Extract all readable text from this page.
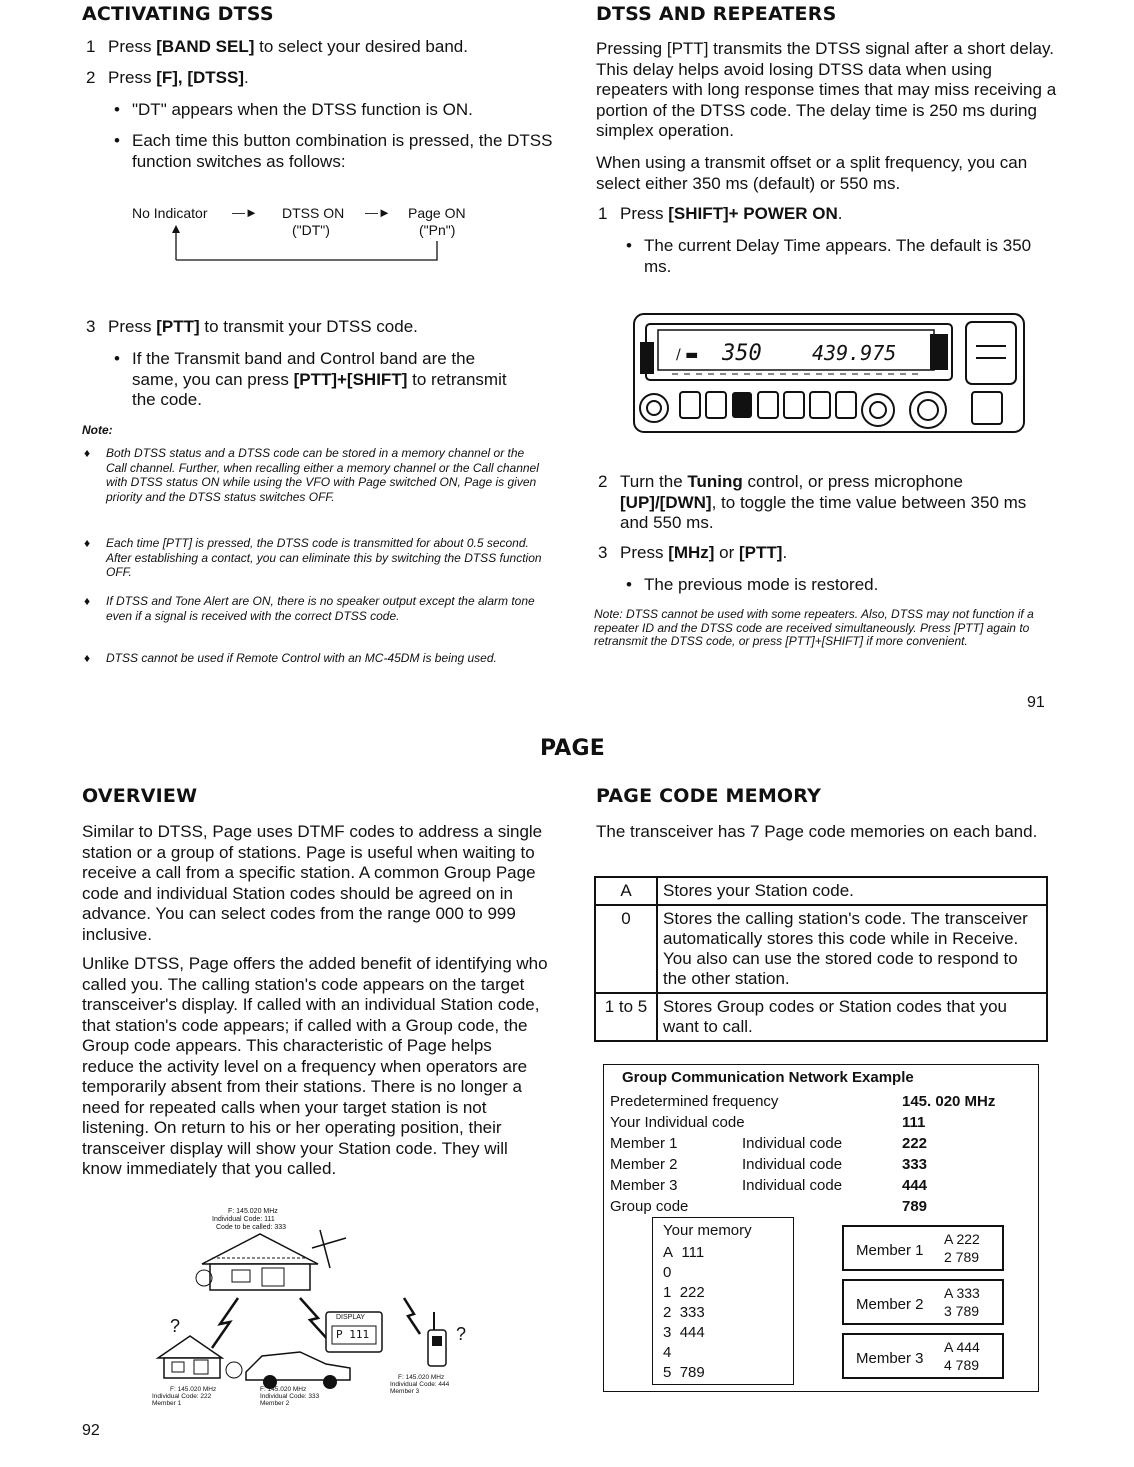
ACTIVATING DTSS
1 Press [BAND SEL] to select your desired band.
2 Press [F], [DTSS].
• "DT" appears when the DTSS function is ON.
• Each time this button combination is pressed, the DTSS function switches as follows:
No Indicator —► DTSS ON
("DT")
—► Page ON
("Pn")
3 Press [PTT] to transmit your DTSS code.
• If the Transmit band and Control band are the same, you can press [PTT]+[SHIFT] to retransmit the code.
Note:
♦ Both DTSS status and a DTSS code can be stored in a memory channel or the Call channel. Further, when recalling either a memory channel or the Call channel with DTSS status ON while using the VFO with Page switched ON, Page is given priority and the DTSS status switches OFF.
♦ Each time [PTT] is pressed, the DTSS code is transmitted for about 0.5 second. After establishing a contact, you can eliminate this by switching the DTSS function OFF.
♦ If DTSS and Tone Alert are ON, there is no speaker output except the alarm tone even if a signal is received with the correct DTSS code.
♦ DTSS cannot be used if Remote Control with an MC-45DM is being used.
DTSS AND REPEATERS

Pressing [PTT] transmits the DTSS signal after a short delay. This delay helps avoid losing DTSS data when using repeaters with long response times that may miss receiving a portion of the DTSS code. The delay time is 250 ms during simplex operation.

When using a transmit offset or a split frequency, you can select either 350 ms (default) or 550 ms.

1 Press [SHIFT]+ POWER ON.
• The current Delay Time appears. The default is 350 ms.
/ ▬ 350	439.975
2 Turn the Tuning control, or press microphone [UP]/[DWN], to toggle the time value between 350 ms and 550 ms.
3 Press [MHz] or [PTT].
• The previous mode is restored.
Note: DTSS cannot be used with some repeaters. Also, DTSS may not function if a repeater ID and the DTSS code are received simultaneously. Press [PTT] again to retransmit the DTSS code, or press [PTT]+[SHIFT] if more convenient.
91
PAGE
OVERVIEW

Similar to DTSS, Page uses DTMF codes to address a single station or a group of stations. Page is useful when waiting to receive a call from a specific station. A common Group Page code and individual Station codes should be agreed on in advance. You can select codes from the range 000 to 999 inclusive.

Unlike DTSS, Page offers the added benefit of identifying who called you. The calling station's code appears on the target transceiver's display. If called with an individual Station code, that station's code appears; if called with a Group code, the Group code appears. This characteristic of Page helps reduce the activity level on a frequency when operators are temporarily absent from their stations. There is no longer a need for repeated calls when your target station is not listening. On return to his or her operating position, their transceiver display will show your Station code. They will know immediately that you called.

F: 145.020 MHz
Individual Code: 111
Code to be called: 333
DISPLAY
P 111
?	?
F: 145.020 MHz
Individual Code: 222
Member 1
F: 145.020 MHz
Individual Code: 333
Member 2
F: 145.020 MHz
Individual Code: 444
Member 3
92
PAGE CODE MEMORY

The transceiver has 7 Page code memories on each band.

A	Stores your Station code.
0	Stores the calling station's code. The transceiver automatically stores this code while in Receive. You also can use the stored code to respond to the other station.
1 to 5	Stores Group codes or Station codes that you want to call.
Group Communication Network Example
Predetermined frequency	145. 020 MHz
Your Individual code	111
Member 1	Individual code	222
Member 2	Individual code	333
Member 3	Individual code	444
Group code	789
Your memory
A 111
0
1 222
2 333
3 444
4
5 789
Member 1
A 222
2 789
Member 2
A 333
3 789
Member 3
A 444
4 789
